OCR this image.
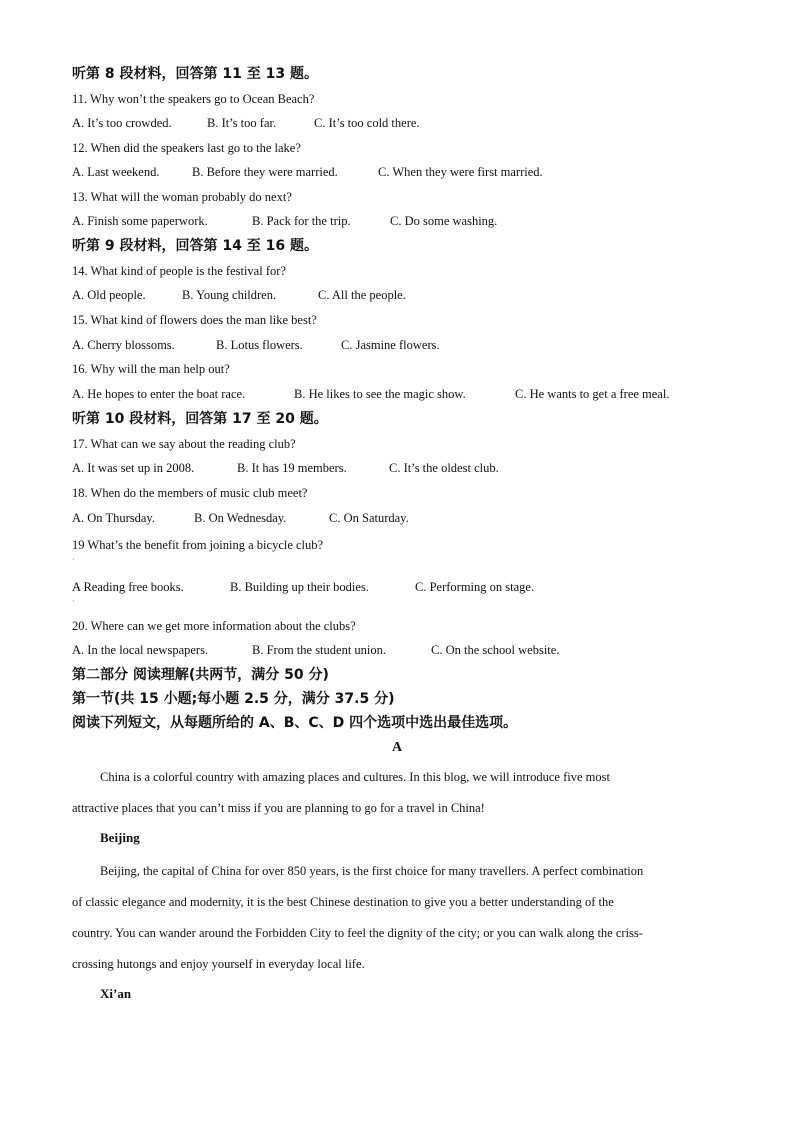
听第 8 段材料，回答第 11 至 13 题。
11. Why won’t the speakers go to Ocean Beach?
A. It’s too crowded.	B. It’s too far.	C. It’s too cold there.
12. When did the speakers last go to the lake?
A. Last weekend.	B. Before they were married.	C. When they were first married.
13. What will the woman probably do next?
A. Finish some paperwork.	B. Pack for the trip.	C. Do some washing.
听第 9 段材料，回答第 14 至 16 题。
14. What kind of people is the festival for?
A. Old people.	B. Young children.	C. All the people.
15. What kind of flowers does the man like best?
A. Cherry blossoms.	B. Lotus flowers.	C. Jasmine flowers.
16. Why will the man help out?
A. He hopes to enter the boat race.	B. He likes to see the magic show.	C. He wants to get a free meal.
听第 10 段材料，回答第 17 至 20 题。
17. What can we say about the reading club?
A. It was set up in 2008.	B. It has 19 members.	C. It’s the oldest club.
18. When do the members of music club meet?
A. On Thursday.	B. On Wednesday.	C. On Saturday.
19 What’s the benefit from joining a bicycle club?
·
A Reading free books.	B. Building up their bodies.	C. Performing on stage.
·
20. Where can we get more information about the clubs?
A. In the local newspapers.	B. From the student union.	C. On the school website.
第二部分 阅读理解(共两节，满分 50 分)
第一节(共 15 小题;每小题 2.5 分，满分 37.5 分)
阅读下列短文，从每题所给的 A、B、C、D 四个选项中选出最佳选项。
A
China is a colorful country with amazing places and cultures. In this blog, we will introduce five most
attractive places that you can’t miss if you are planning to go for a travel in China!
Beijing
Beijing, the capital of China for over 850 years, is the first choice for many travellers. A perfect combination
of classic elegance and modernity, it is the best Chinese destination to give you a better understanding of the
country. You can wander around the Forbidden City to feel the dignity of the city; or you can walk along the criss-
crossing hutongs and enjoy yourself in everyday local life.
Xi’an
